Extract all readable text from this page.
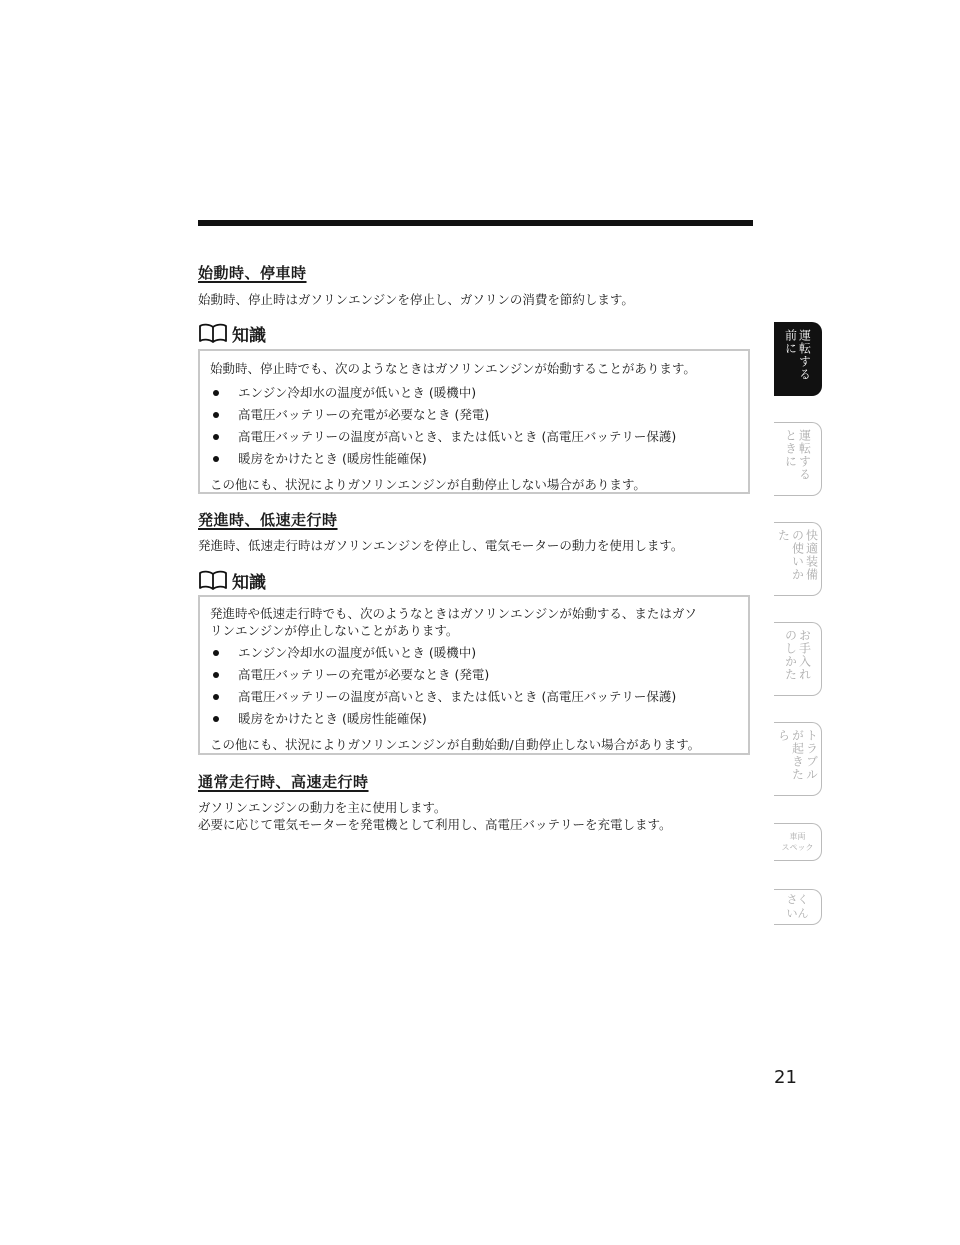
始動時、停車時
始動時、停止時はガソリンエンジンを停止し、ガソリンの消費を節約します。
知識
始動時、停止時でも、次のようなときはガソリンエンジンが始動することがあります。
エンジン冷却水の温度が低いとき (暖機中)
高電圧バッテリーの充電が必要なとき (発電)
高電圧バッテリーの温度が高いとき、または低いとき (高電圧バッテリー保護)
暖房をかけたとき (暖房性能確保)
この他にも、状況によりガソリンエンジンが自動停止しない場合があります。
発進時、低速走行時
発進時、低速走行時はガソリンエンジンを停止し、電気モーターの動力を使用します。
知識
発進時や低速走行時でも、次のようなときはガソリンエンジンが始動する、またはガソ
リンエンジンが停止しないことがあります。
エンジン冷却水の温度が低いとき (暖機中)
高電圧バッテリーの充電が必要なとき (発電)
高電圧バッテリーの温度が高いとき、または低いとき (高電圧バッテリー保護)
暖房をかけたとき (暖房性能確保)
この他にも、状況によりガソリンエンジンが自動始動/自動停止しない場合があります。
通常走行時、高速走行時
ガソリンエンジンの動力を主に使用します。
必要に応じて電気モーターを発電機として利用し、高電圧バッテリーを充電します。
運転する前に
運転するときに
快適装備の使いかた
お手入れのしかた
トラブルが起きたら
車両
スペック
さく
いん
21
